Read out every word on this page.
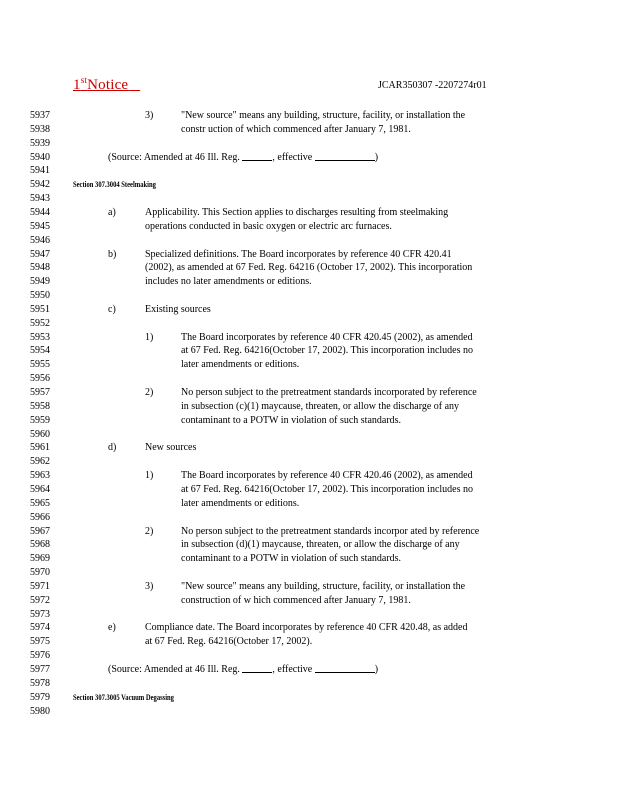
1stNotice	JCAR350307 -2207274r01
5937	3)	"New source" means any building, structure, facility, or installation the
5938	constr uction of which commenced after January 7, 1981.
5939
5940	(Source: Amended at 46 Ill. Reg.	, effective	)
5941
5942	Section 307.3004 Steelmaking
5943
5944	a)	Applicability. This Section applies to discharges resulting from steelmaking
5945	operations conducted in basic oxygen or electric arc furnaces.
5946
5947	b)	Specialized definitions. The Board incorporates by reference 40 CFR 420.41
5948	(2002), as amended at 67 Fed. Reg. 64216 (October 17, 2002). This incorporation
5949	includes no later amendments or editions.
5950
5951	c)	Existing sources
5952
5953	1)	The Board incorporates by reference 40 CFR 420.45 (2002), as amended
5954	at 67 Fed. Reg. 64216(October 17, 2002). This incorporation includes no
5955	later amendments or editions.
5956
5957	2)	No person subject to the pretreatment standards incorporated by reference
5958	in subsection (c)(1) maycause, threaten, or allow the discharge of any
5959	contaminant to a POTW in violation of such standards.
5960
5961	d)	New sources
5962
5963	1)	The Board incorporates by reference 40 CFR 420.46 (2002), as amended
5964	at 67 Fed. Reg. 64216(October 17, 2002). This incorporation includes no
5965	later amendments or editions.
5966
5967	2)	No person subject to the pretreatment standards incorpor ated by reference
5968	in subsection (d)(1) maycause, threaten, or allow the discharge of any
5969	contaminant to a POTW in violation of such standards.
5970
5971	3)	"New source" means any building, structure, facility, or installation the
5972	construction of w hich commenced after January 7, 1981.
5973
5974	e)	Compliance date. The Board incorporates by reference 40 CFR 420.48, as added
5975	at 67 Fed. Reg. 64216(October 17, 2002).
5976
5977	(Source: Amended at 46 Ill. Reg.	, effective	)
5978
5979	Section 307.3005 Vacuum Degassing
5980
